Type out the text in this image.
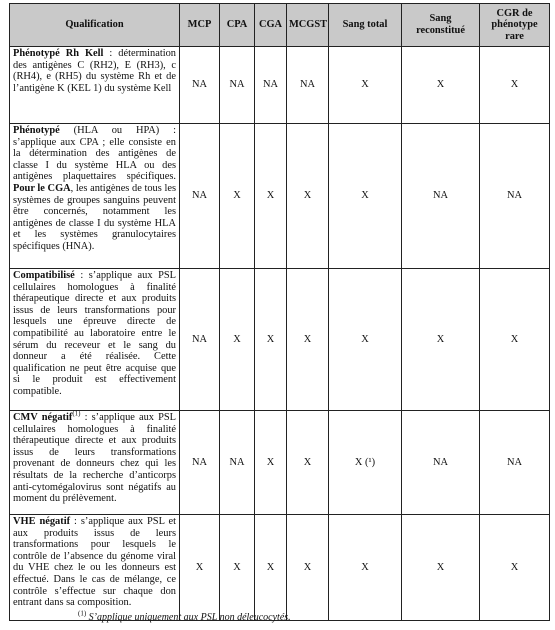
Qualification	MCP	CPA	CGA	MCGST	Sang total	Sang reconstitué	CGR de phénotype rare
Phénotypé Rh Kell : détermination des antigènes C (RH2), E (RH3), c (RH4), e (RH5) du système Rh et de l’antigène K (KEL 1) du système Kell	NA	NA	NA	NA	X	X	X
Phénotypé (HLA ou HPA) : s’applique aux CPA ; elle consiste en la détermination des antigènes de classe I du système HLA ou des antigènes plaquettaires spécifiques. Pour le CGA, les antigènes de tous les systèmes de groupes sanguins peuvent être concernés, notamment les antigènes de classe I du système HLA et les systèmes granulocytaires spécifiques (HNA).	NA	X	X	X	X	NA	NA
Compatibilisé : s’applique aux PSL cellulaires homologues à finalité thérapeutique directe et aux produits issus de leurs transformations pour lesquels une épreuve directe de compatibilité au laboratoire entre le sérum du receveur et le sang du donneur a été réalisée. Cette qualification ne peut être acquise que si le produit est effectivement compatible.	NA	X	X	X	X	X	X
CMV négatif$^{(1)}$ : s’applique aux PSL cellulaires homologues à finalité thérapeutique directe et aux produits issus de leurs transformations provenant de donneurs chez qui les résultats de la recherche d’anticorps anti-cytomégalovirus sont négatifs au moment du prélèvement.	NA	NA	X	X	X (¹)	NA	NA
VHE négatif : s’applique aux PSL et aux produits issus de leurs transformations pour lesquels le contrôle de l’absence du génome viral du VHE chez le ou les donneurs est effectué. Dans le cas de mélange, ce contrôle s’effectue sur chaque don entrant dans sa composition.	X	X	X	X	X	X	X
$^{(1)}$ S’applique uniquement aux PSL non déleucocytés.
